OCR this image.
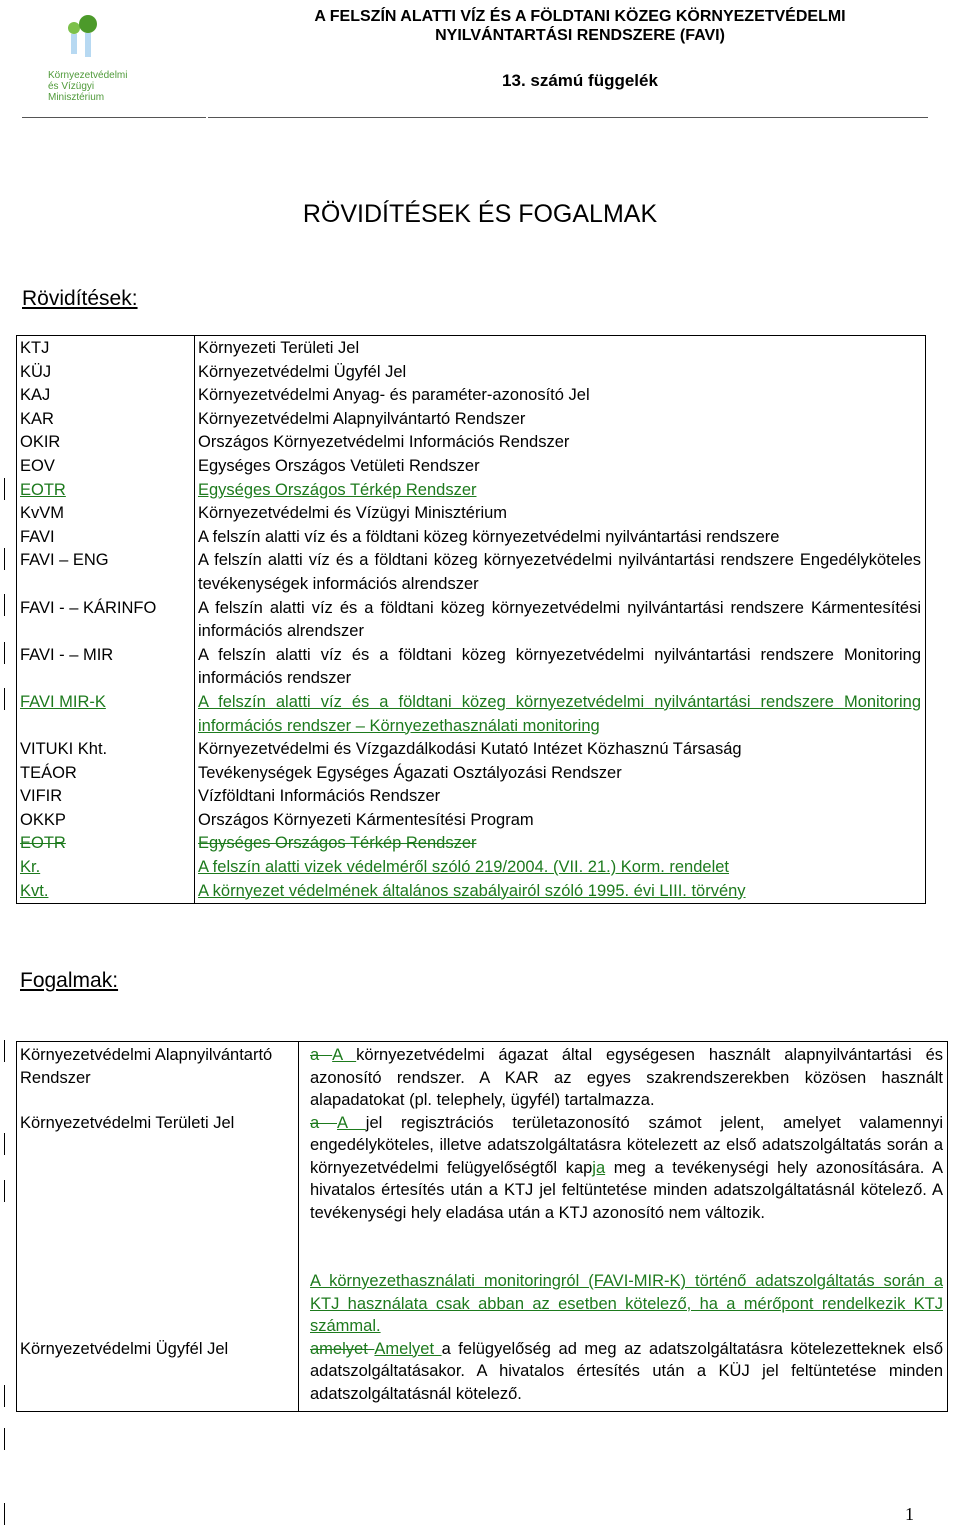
Környezetvédelmi
és Vízügyi
Minisztérium
A FELSZÍN ALATTI VÍZ ÉS A FÖLDTANI KÖZEG KÖRNYEZETVÉDELMI
NYILVÁNTARTÁSI RENDSZERE (FAVI)
13. számú függelék
RÖVIDÍTÉSEK ÉS FOGALMAK
Rövidítések:
KTJ	Környezeti Területi Jel
KÜJ	Környezetvédelmi Ügyfél Jel
KAJ	Környezetvédelmi Anyag- és paraméter-azonosító Jel
KAR	Környezetvédelmi Alapnyilvántartó Rendszer
OKIR	Országos Környezetvédelmi Információs Rendszer
EOV	Egységes Országos Vetületi Rendszer
EOTR	Egységes Országos Térkép Rendszer
KvVM	Környezetvédelmi és Vízügyi Minisztérium
FAVI	A felszín alatti víz és a földtani közeg környezetvédelmi nyilvántartási rendszere
FAVI – ENG	A felszín alatti víz és a földtani közeg környezetvédelmi nyilvántartási rendszere Engedélyköteles tevékenységek információs alrendszer
FAVI - – KÁRINFO	A felszín alatti víz és a földtani közeg környezetvédelmi nyilvántartási rendszere Kármentesítési információs alrendszer
FAVI - – MIR	A felszín alatti víz és a földtani közeg környezetvédelmi nyilvántartási rendszere Monitoring információs rendszer
FAVI MIR-K	A felszín alatti víz és a földtani közeg környezetvédelmi nyilvántartási rendszere Monitoring információs rendszer – Környezethasználati monitoring
VITUKI Kht.	Környezetvédelmi és Vízgazdálkodási Kutató Intézet Közhasznú Társaság
TEÁOR	Tevékenységek Egységes Ágazati Osztályozási Rendszer
VIFIR	Vízföldtani Információs Rendszer
OKKP	Országos Környezeti Kármentesítési Program
EOTR	Egységes Országos Térkép Rendszer
Kr.	A felszín alatti vizek védelméről szóló 219/2004. (VII. 21.) Korm. rendelet
Kvt.	A környezet védelmének általános szabályairól szóló 1995. évi LIII. törvény
Fogalmak:
Környezetvédelmi Alapnyilvántartó Rendszer	a A környezetvédelmi ágazat által egységesen használt alapnyilvántartási és azonosító rendszer. A KAR az egyes szakrendszerekben közösen használt alapadatokat (pl. telephely, ügyfél) tartalmazza.
Környezetvédelmi Területi Jel	a A jel regisztrációs területazonosító számot jelent, amelyet valamennyi engedélyköteles, illetve adatszolgáltatásra kötelezett az első adatszolgáltatás során a környezetvédelmi felügyelőségtől kapja meg a tevékenységi hely azonosítására. A hivatalos értesítés után a KTJ jel feltüntetése minden adatszolgáltatásnál kötelező. A tevékenységi hely eladása után a KTJ azonosító nem változik.
A környezethasználati monitoringról (FAVI-MIR-K) történő adatszolgáltatás során a KTJ használata csak abban az esetben kötelező, ha a mérőpont rendelkezik KTJ számmal.

Környezetvédelmi Ügyfél Jel	amelyet Amelyet a felügyelőség ad meg az adatszolgáltatásra kötelezetteknek első adatszolgáltatásakor. A hivatalos értesítés után a KÜJ jel feltüntetése minden adatszolgáltatásnál kötelező.
1
